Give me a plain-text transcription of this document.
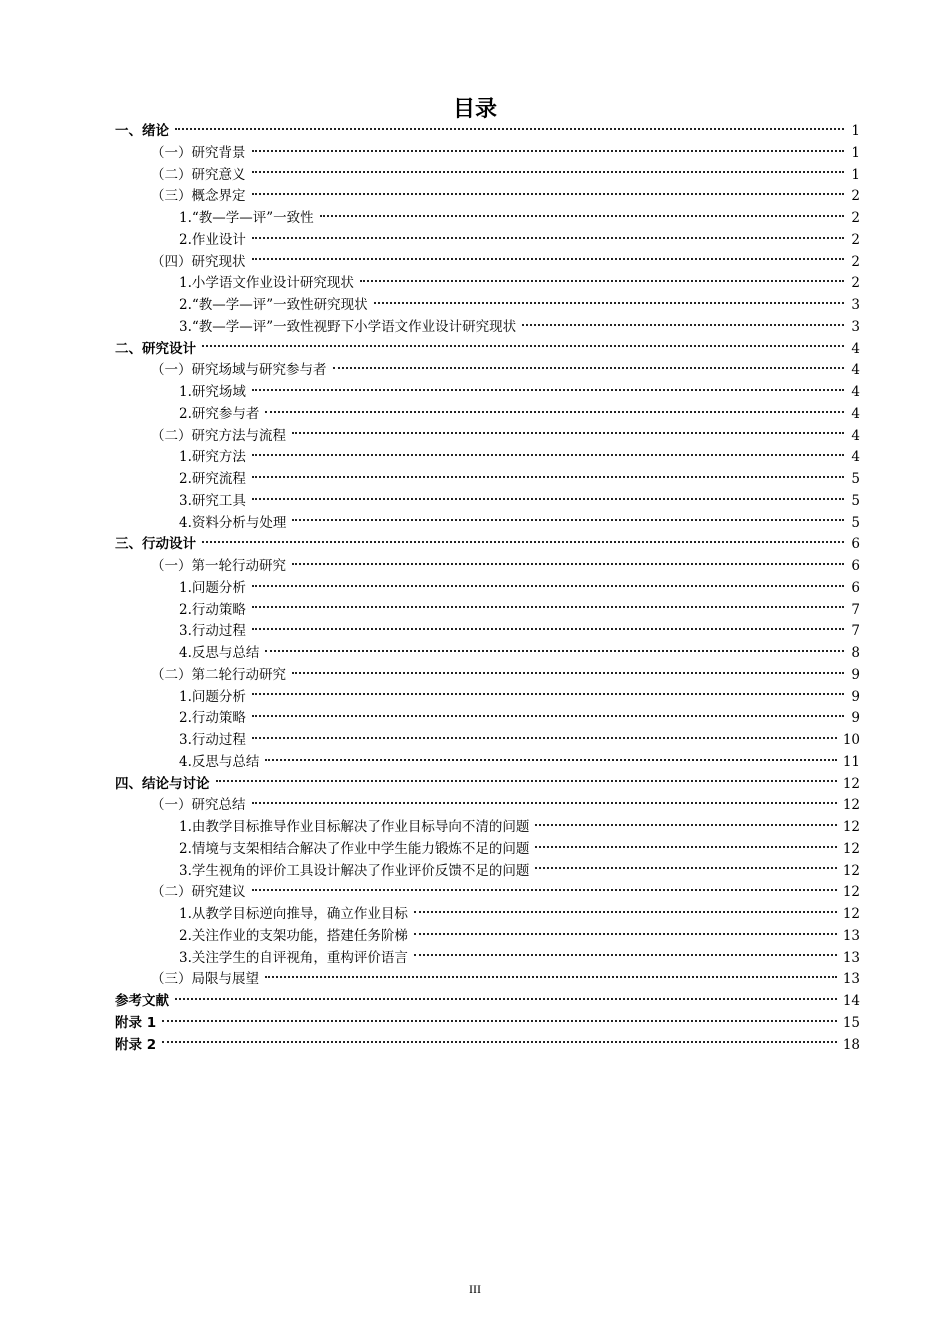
目录
一、绪论	1
（一）研究背景	1
（二）研究意义	1
（三）概念界定	2
1.“教—学—评”一致性	2
2.作业设计	2
（四）研究现状	2
1.小学语文作业设计研究现状	2
2.“教—学—评”一致性研究现状	3
3.“教—学—评”一致性视野下小学语文作业设计研究现状	3
二、研究设计	4
（一）研究场域与研究参与者	4
1.研究场域	4
2.研究参与者	4
（二）研究方法与流程	4
1.研究方法	4
2.研究流程	5
3.研究工具	5
4.资料分析与处理	5
三、行动设计	6
（一）第一轮行动研究	6
1.问题分析	6
2.行动策略	7
3.行动过程	7
4.反思与总结	8
（二）第二轮行动研究	9
1.问题分析	9
2.行动策略	9
3.行动过程	10
4.反思与总结	11
四、结论与讨论	12
（一）研究总结	12
1.由教学目标推导作业目标解决了作业目标导向不清的问题	12
2.情境与支架相结合解决了作业中学生能力锻炼不足的问题	12
3.学生视角的评价工具设计解决了作业评价反馈不足的问题	12
（二）研究建议	12
1.从教学目标逆向推导，确立作业目标	12
2.关注作业的支架功能，搭建任务阶梯	13
3.关注学生的自评视角，重构评价语言	13
（三）局限与展望	13
参考文献	14
附录 1	15
附录 2	18
III
